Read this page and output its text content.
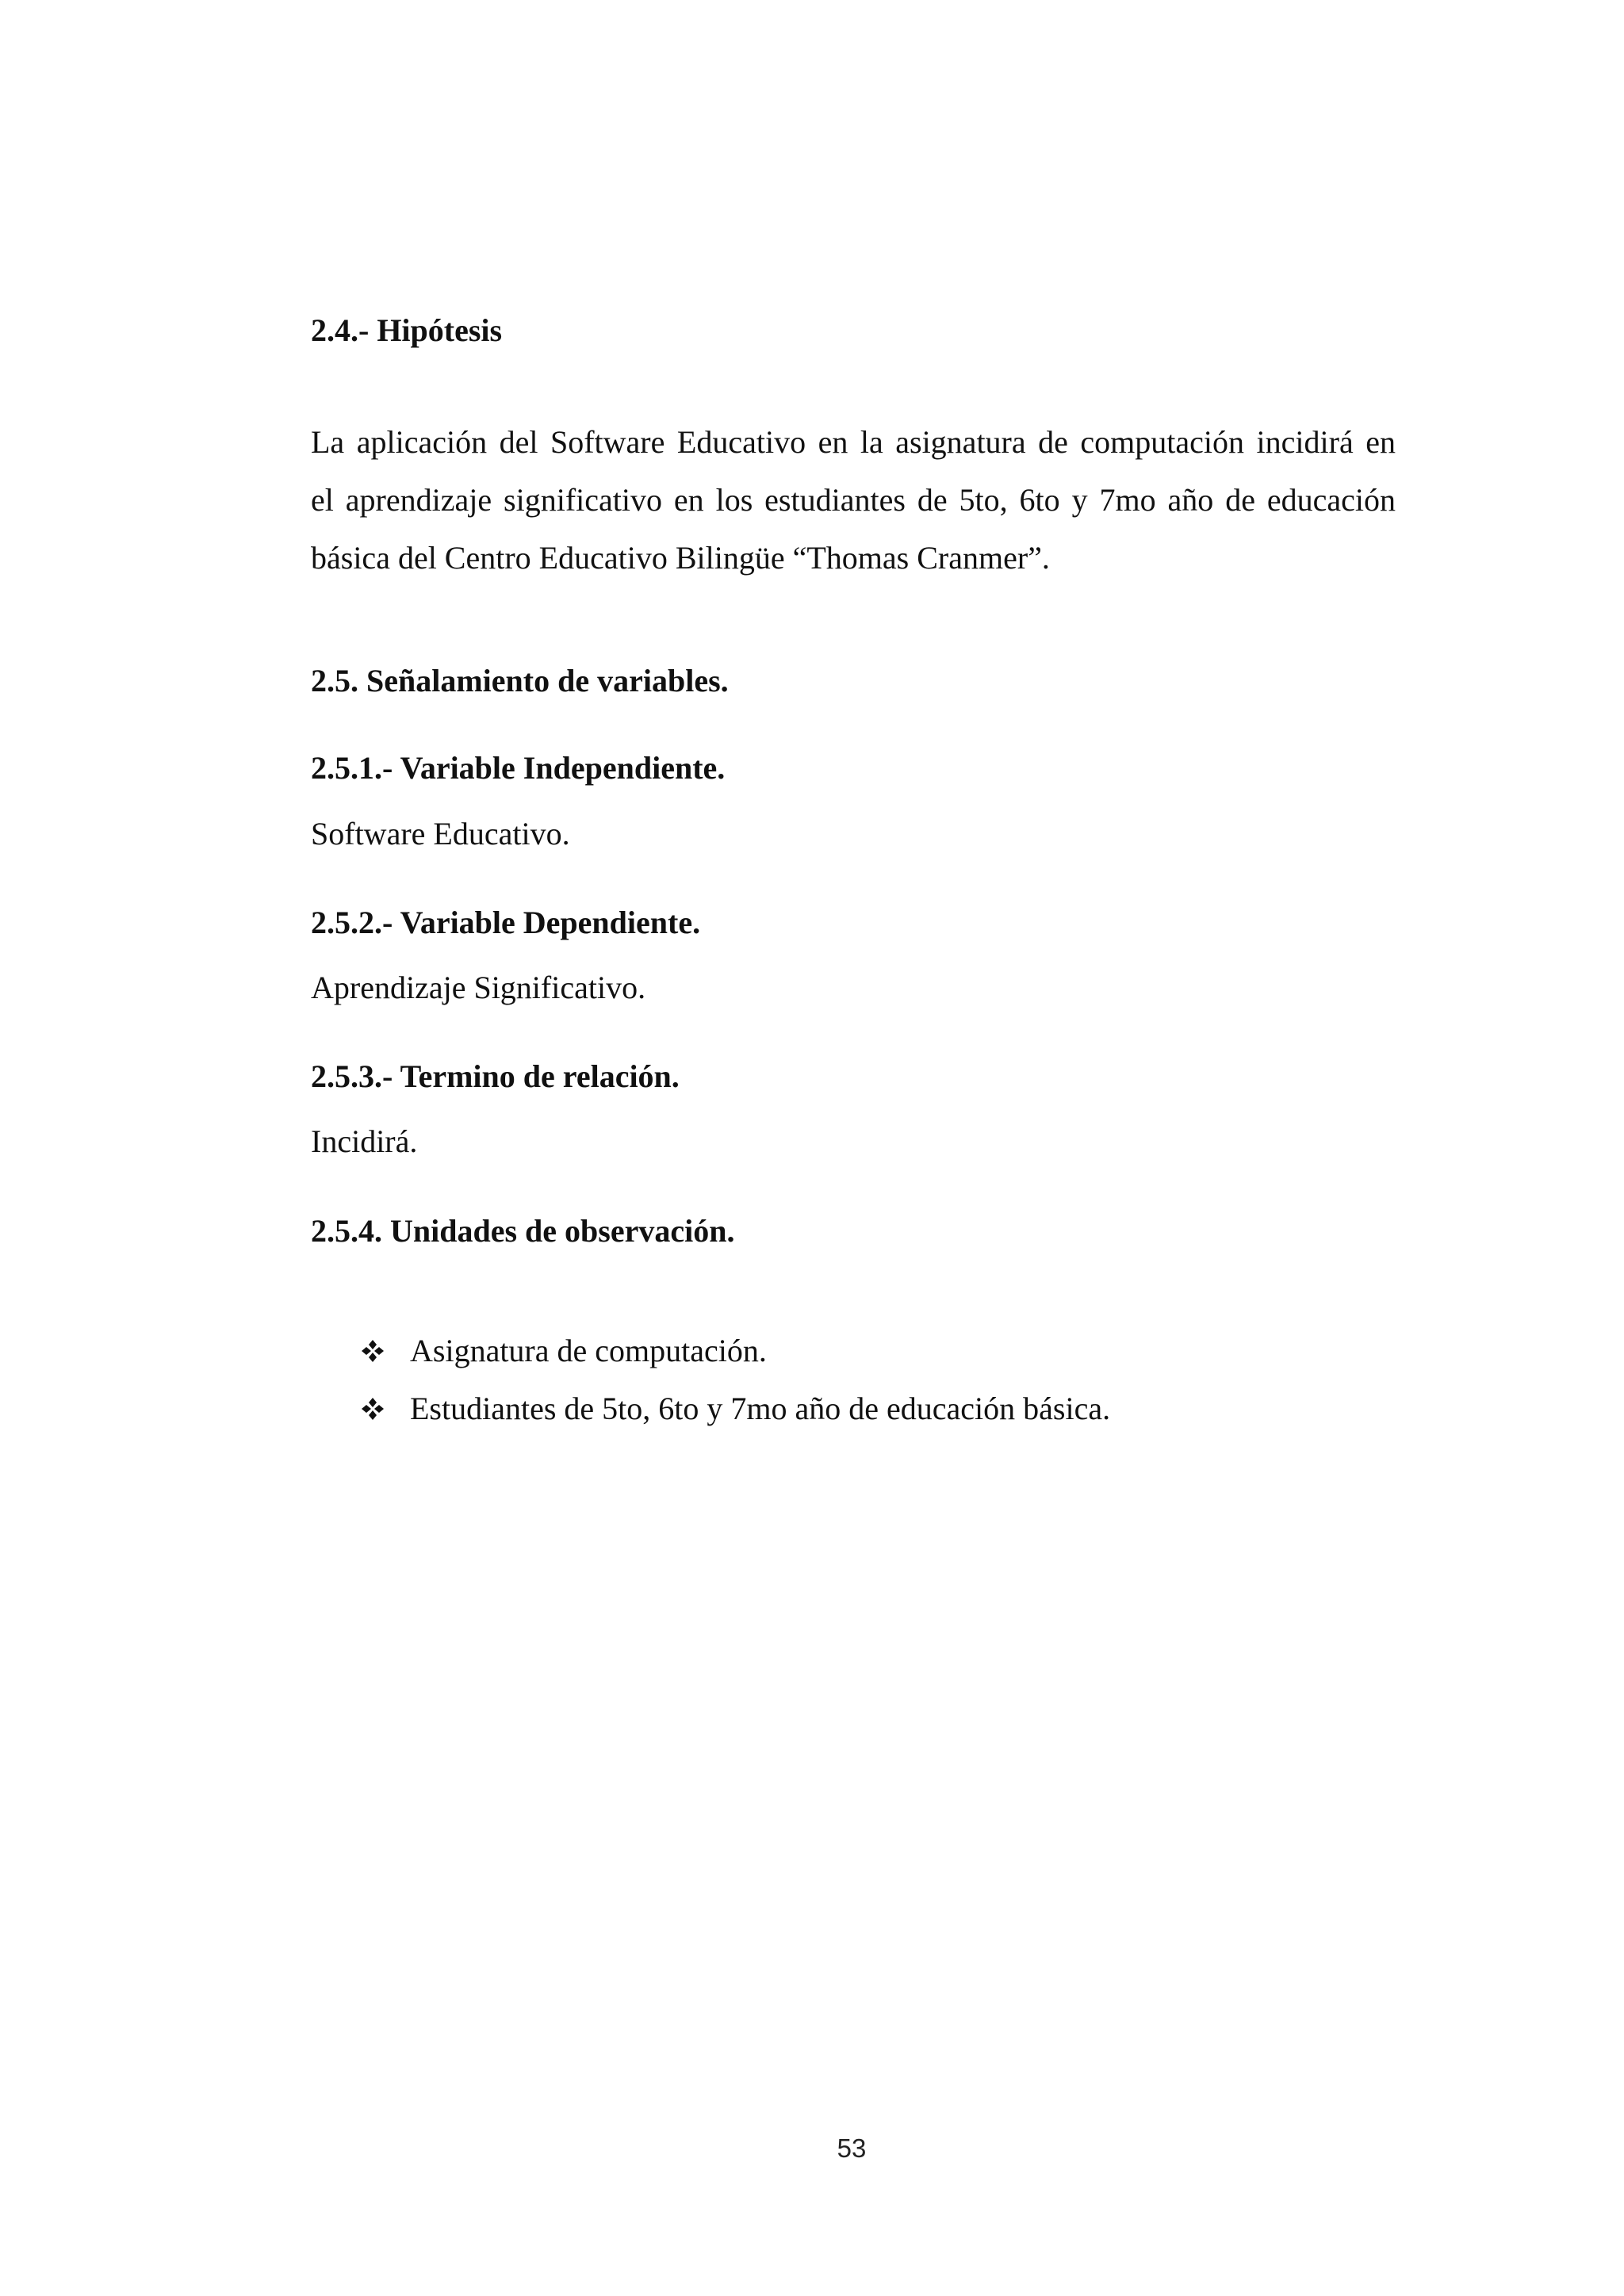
2.4.- Hipótesis

La aplicación del Software Educativo en la asignatura de computación incidirá en

el aprendizaje significativo en los estudiantes de 5to, 6to y 7mo año de educación

básica del Centro Educativo Bilingüe “Thomas Cranmer”.

2.5. Señalamiento de variables.
2.5.1.- Variable Independiente.

Software Educativo.

2.5.2.- Variable Dependiente.

Aprendizaje Significativo.

2.5.3.- Termino de relación.

Incidirá.

2.5.4. Unidades de observación.
Asignatura de computación.
Estudiantes de 5to, 6to y 7mo año de educación básica.
53
